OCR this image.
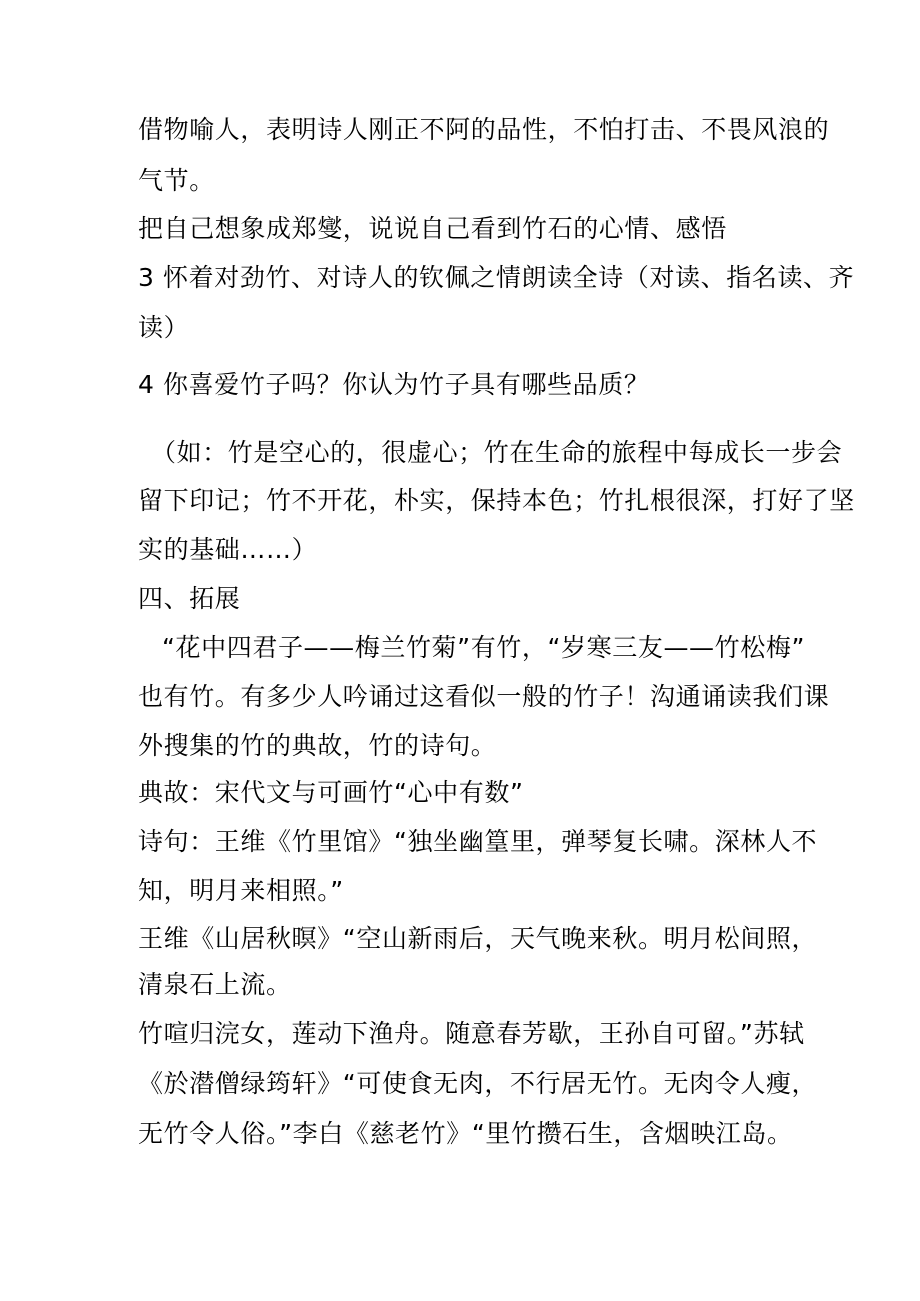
借物喻人，表明诗人刚正不阿的品性，不怕打击、不畏风浪的
气节。
把自己想象成郑燮，说说自己看到竹石的心情、感悟
3 怀着对劲竹、对诗人的钦佩之情朗读全诗（对读、指名读、齐
读）
4 你喜爱竹子吗？你认为竹子具有哪些品质？
（如：竹是空心的，很虚心；竹在生命的旅程中每成长一步会
留下印记；竹不开花，朴实，保持本色；竹扎根很深，打好了坚
实的基础……）
四、拓展
“花中四君子——梅兰竹菊”有竹，“岁寒三友——竹松梅”
也有竹。有多少人吟诵过这看似一般的竹子！沟通诵读我们课
外搜集的竹的典故，竹的诗句。
典故：宋代文与可画竹“心中有数”
诗句：王维《竹里馆》“独坐幽篁里，弹琴复长啸。深林人不
知，明月来相照。”
王维《山居秋暝》“空山新雨后，天气晚来秋。明月松间照，
清泉石上流。
竹喧归浣女，莲动下渔舟。随意春芳歇，王孙自可留。”苏轼
《於潜僧绿筠轩》“可使食无肉，不行居无竹。无肉令人瘦，
无竹令人俗。”李白《慈老竹》“里竹攒石生，含烟映江岛。
